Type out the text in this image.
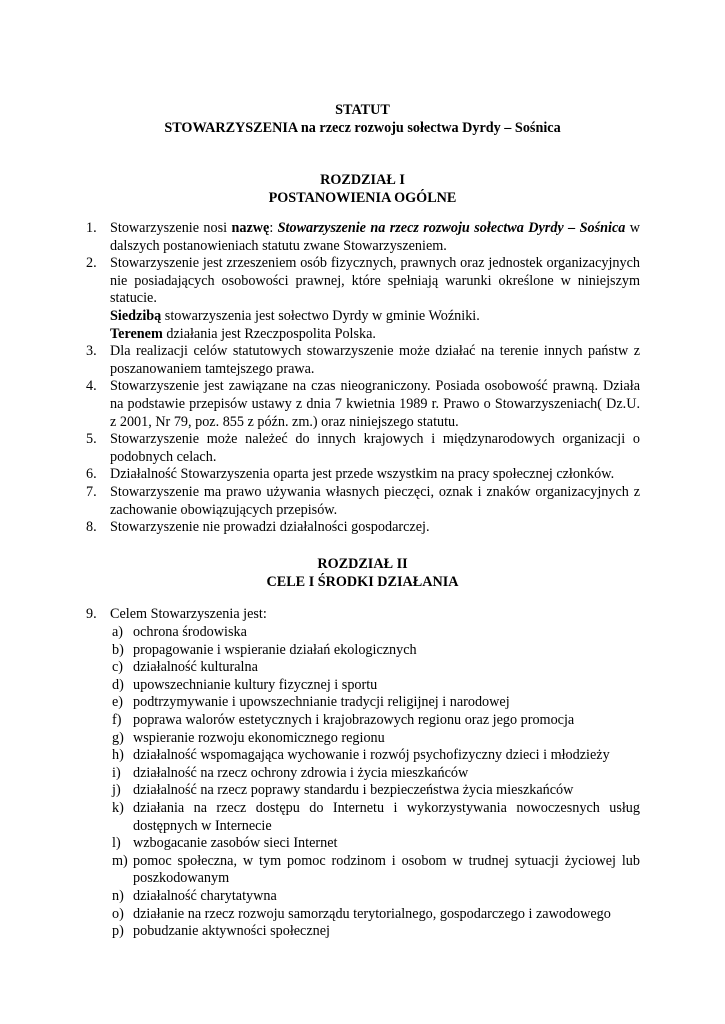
STATUT
STOWARZYSZENIA na rzecz rozwoju sołectwa Dyrdy – Sośnica
ROZDZIAŁ I
POSTANOWIENIA OGÓLNE
1. Stowarzyszenie nosi nazwę: Stowarzyszenie na rzecz rozwoju sołectwa Dyrdy – Sośnica w dalszych postanowieniach statutu zwane Stowarzyszeniem.
2. Stowarzyszenie jest zrzeszeniem osób fizycznych, prawnych oraz jednostek organizacyjnych nie posiadających osobowości prawnej, które spełniają warunki określone w niniejszym statucie.
Siedzibą stowarzyszenia jest sołectwo Dyrdy w gminie Woźniki.
Terenem działania jest Rzeczpospolita Polska.
3. Dla realizacji celów statutowych stowarzyszenie może działać na terenie innych państw z poszanowaniem tamtejszego prawa.
4. Stowarzyszenie jest zawiązane na czas nieograniczony. Posiada osobowość prawną. Działa na podstawie przepisów ustawy z dnia 7 kwietnia 1989 r. Prawo o Stowarzyszeniach( Dz.U. z 2001, Nr 79, poz. 855 z późn. zm.) oraz niniejszego statutu.
5. Stowarzyszenie może należeć do innych krajowych i międzynarodowych organizacji o podobnych celach.
6. Działalność Stowarzyszenia oparta jest przede wszystkim na pracy społecznej członków.
7. Stowarzyszenie ma prawo używania własnych pieczęci, oznak i znaków organizacyjnych z zachowanie obowiązujących przepisów.
8. Stowarzyszenie nie prowadzi działalności gospodarczej.
ROZDZIAŁ II
CELE I ŚRODKI DZIAŁANIA
9. Celem Stowarzyszenia jest:
a) ochrona środowiska
b) propagowanie i wspieranie działań ekologicznych
c) działalność kulturalna
d) upowszechnianie kultury fizycznej i sportu
e) podtrzymywanie i upowszechnianie tradycji religijnej i narodowej
f) poprawa walorów estetycznych i krajobrazowych regionu oraz jego promocja
g) wspieranie rozwoju ekonomicznego regionu
h) działalność wspomagająca wychowanie i rozwój psychofizyczny dzieci i młodzieży
i) działalność na rzecz ochrony zdrowia i życia mieszkańców
j) działalność na rzecz poprawy standardu i bezpieczeństwa życia mieszkańców
k) działania na rzecz dostępu do Internetu i wykorzystywania nowoczesnych usług dostępnych w Internecie
l) wzbogacanie zasobów sieci Internet
m) pomoc społeczna, w tym pomoc rodzinom i osobom w trudnej sytuacji życiowej lub poszkodowanym
n) działalność charytatywna
o) działanie na rzecz rozwoju samorządu terytorialnego, gospodarczego i zawodowego
p) pobudzanie aktywności społecznej
